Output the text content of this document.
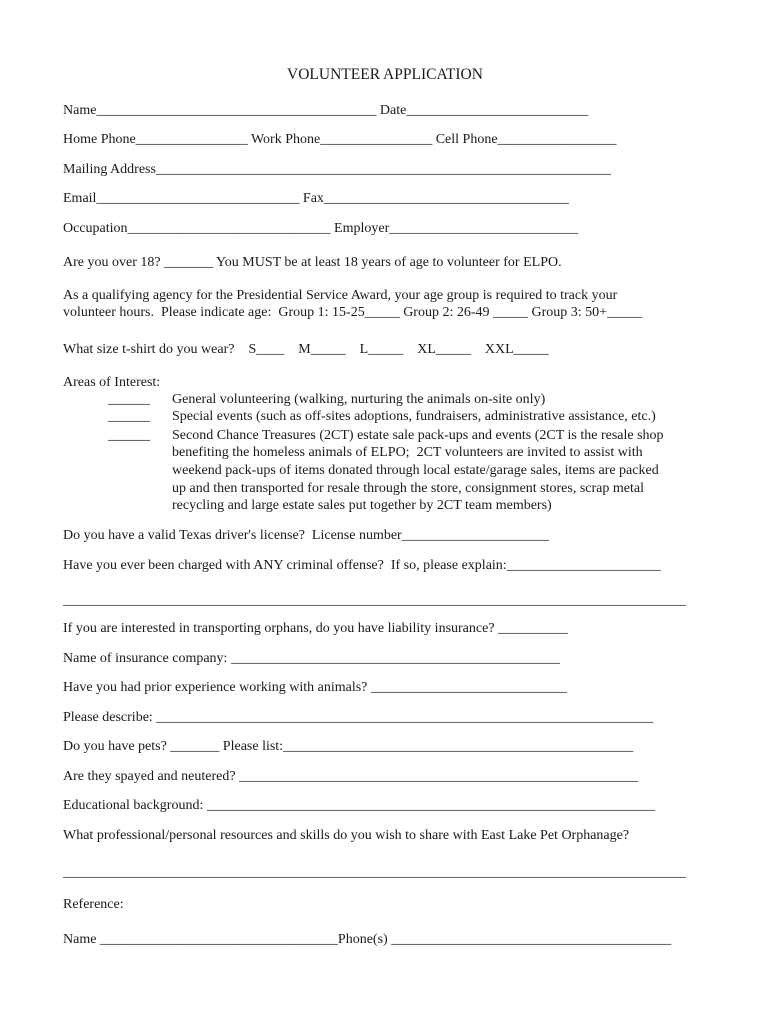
VOLUNTEER APPLICATION
Name________________________________________ Date__________________________
Home Phone________________ Work Phone________________ Cell Phone_________________
Mailing Address_________________________________________________________________
Email_____________________________ Fax___________________________________
Occupation_____________________________ Employer___________________________
Are you over 18? _______ You MUST be at least 18 years of age to volunteer for ELPO.
As a qualifying agency for the Presidential Service Award, your age group is required to track your
volunteer hours.  Please indicate age:  Group 1: 15-25_____ Group 2: 26-49 _____ Group 3: 50+_____
What size t-shirt do you wear?    S____    M_____    L_____    XL_____    XXL_____
Areas of Interest:
______ General volunteering (walking, nurturing the animals on-site only)
______ Special events (such as off-sites adoptions, fundraisers, administrative assistance, etc.)
______ Second Chance Treasures (2CT) estate sale pack-ups and events (2CT is the resale shop
benefiting the homeless animals of ELPO;  2CT volunteers are invited to assist with
weekend pack-ups of items donated through local estate/garage sales, items are packed
up and then transported for resale through the store, consignment stores, scrap metal
recycling and large estate sales put together by 2CT team members)
Do you have a valid Texas driver's license?  License number_____________________
Have you ever been charged with ANY criminal offense?  If so, please explain:______________________
_________________________________________________________________________________________
If you are interested in transporting orphans, do you have liability insurance? __________
Name of insurance company: _______________________________________________
Have you had prior experience working with animals? ____________________________
Please describe: _______________________________________________________________________
Do you have pets? _______ Please list:__________________________________________________
Are they spayed and neutered? _________________________________________________________
Educational background: ________________________________________________________________
What professional/personal resources and skills do you wish to share with East Lake Pet Orphanage?
_________________________________________________________________________________________
Reference:
Name __________________________________Phone(s) ________________________________________
